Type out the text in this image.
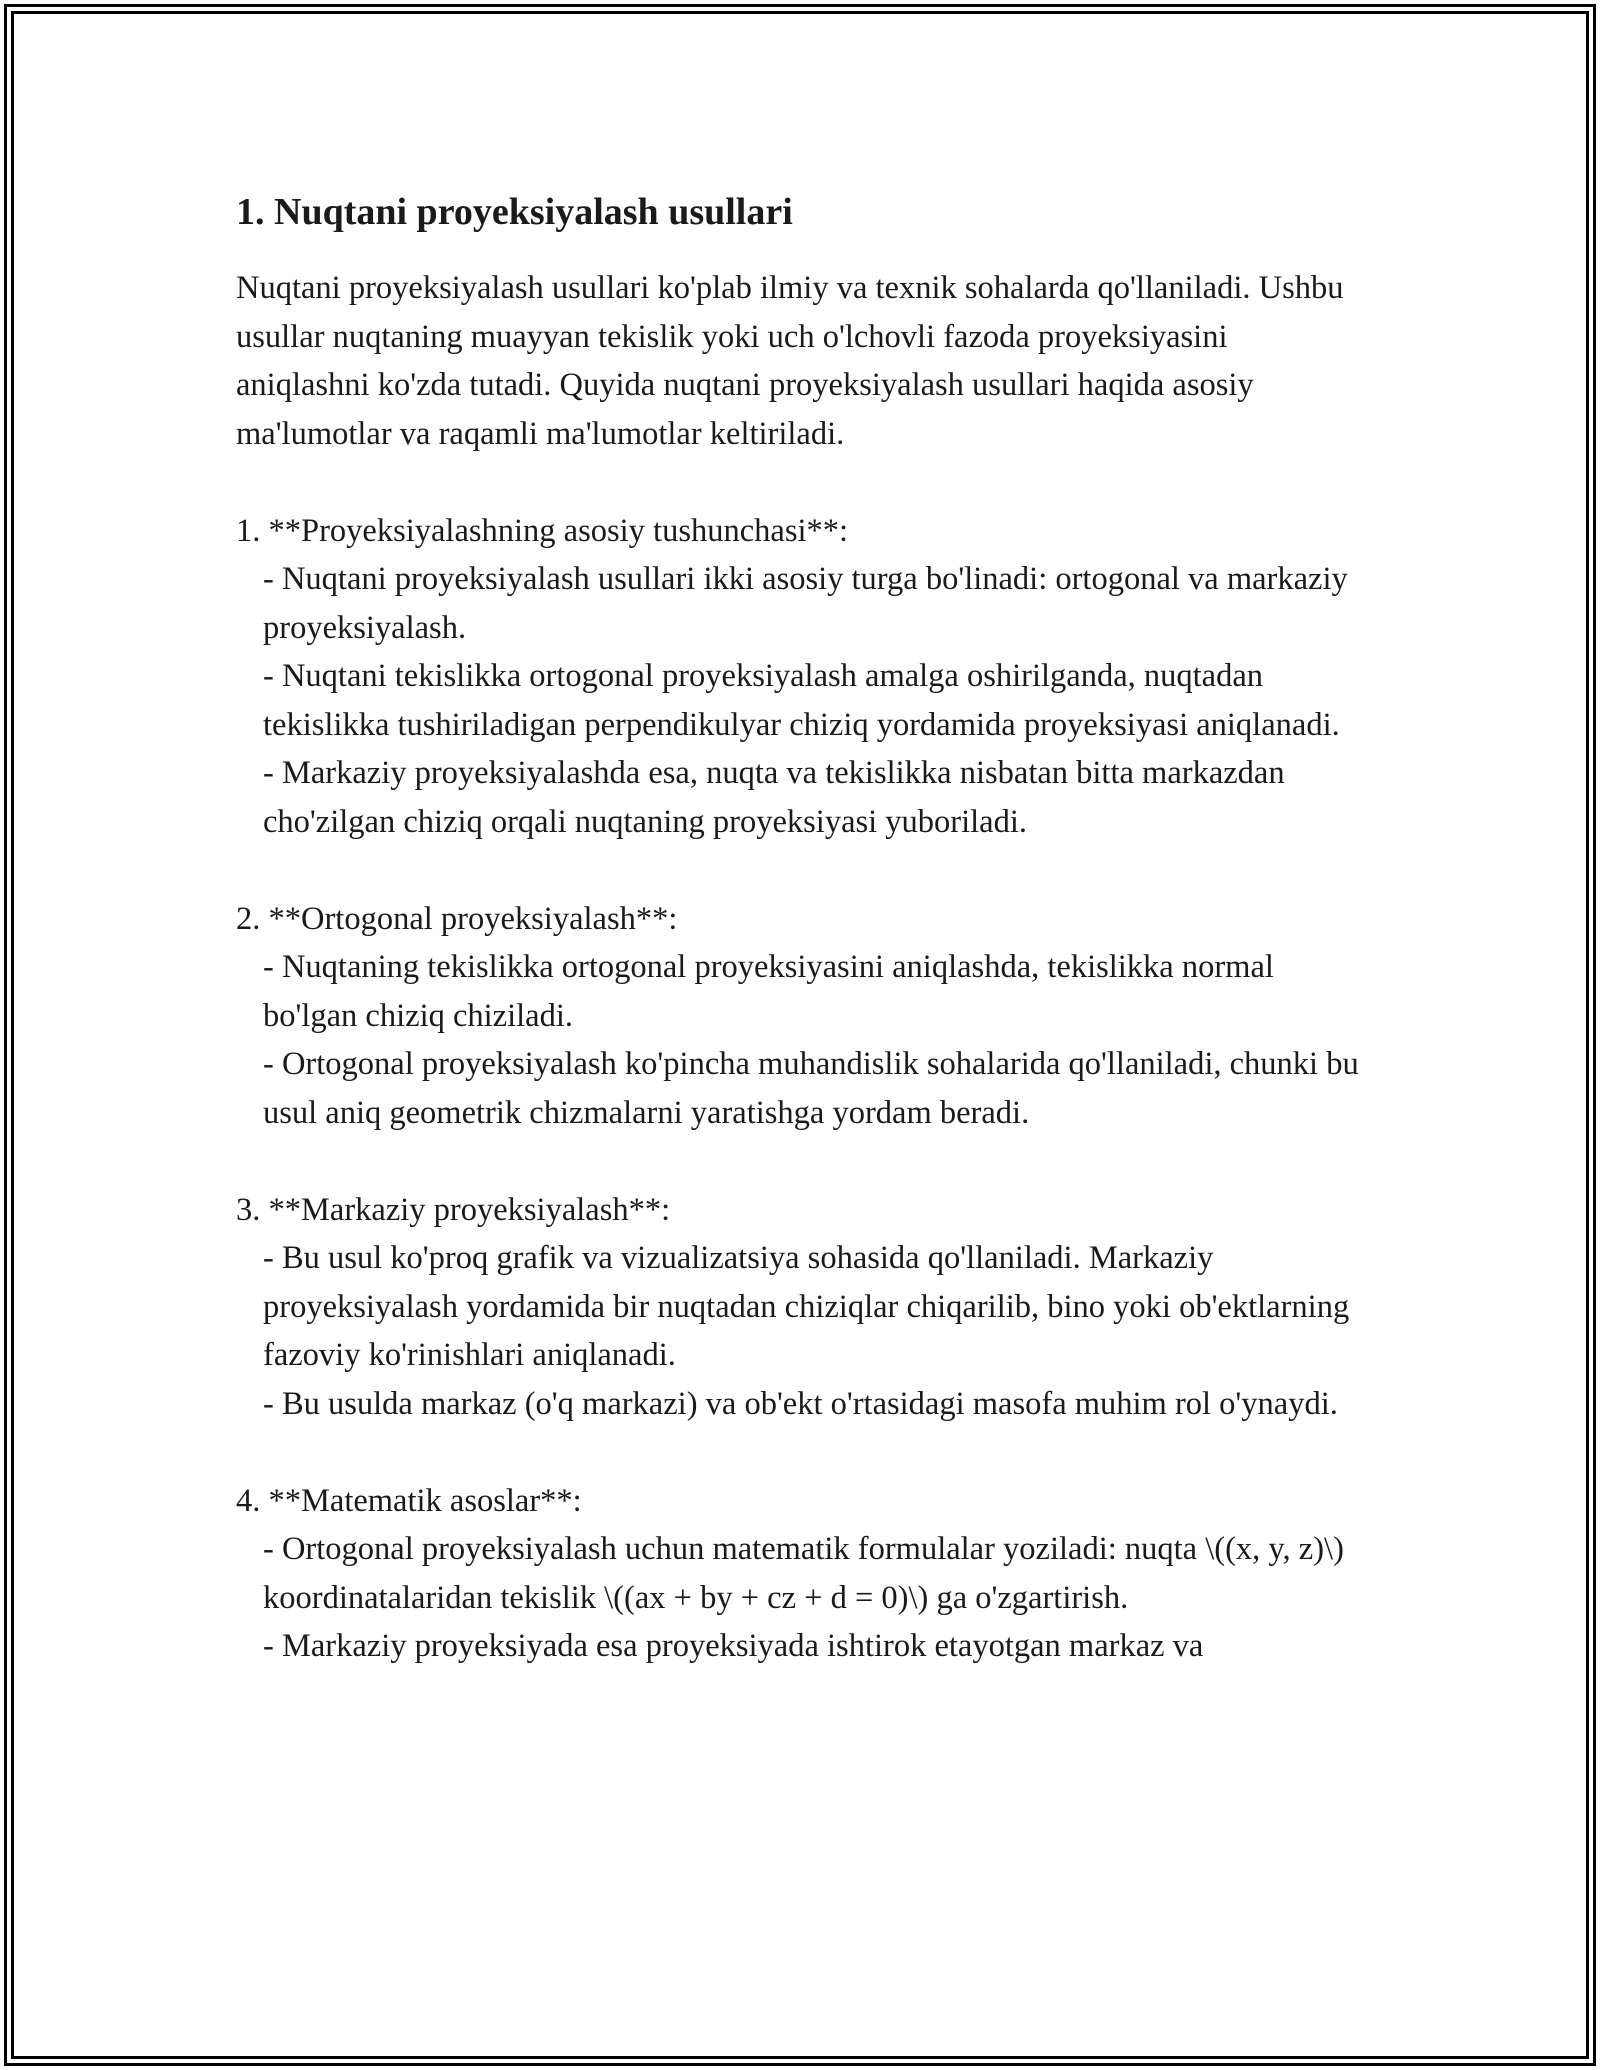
1. Nuqtani proyeksiyalash usullari

Nuqtani proyeksiyalash usullari ko'plab ilmiy va texnik sohalarda qo'llaniladi. Ushbu usullar nuqtaning muayyan tekislik yoki uch o'lchovli fazoda proyeksiyasini aniqlashni ko'zda tutadi. Quyida nuqtani proyeksiyalash usullari haqida asosiy ma'lumotlar va raqamli ma'lumotlar keltiriladi.

1. **Proyeksiyalashning asosiy tushunchasi**:
- Nuqtani proyeksiyalash usullari ikki asosiy turga bo'linadi: ortogonal va markaziy proyeksiyalash.
- Nuqtani tekislikka ortogonal proyeksiyalash amalga oshirilganda, nuqtadan tekislikka tushiriladigan perpendikulyar chiziq yordamida proyeksiyasi aniqlanadi.
- Markaziy proyeksiyalashda esa, nuqta va tekislikka nisbatan bitta markazdan cho'zilgan chiziq orqali nuqtaning proyeksiyasi yuboriladi.
2. **Ortogonal proyeksiyalash**:
- Nuqtaning tekislikka ortogonal proyeksiyasini aniqlashda, tekislikka normal bo'lgan chiziq chiziladi.
- Ortogonal proyeksiyalash ko'pincha muhandislik sohalarida qo'llaniladi, chunki bu usul aniq geometrik chizmalarni yaratishga yordam beradi.
3. **Markaziy proyeksiyalash**:
- Bu usul ko'proq grafik va vizualizatsiya sohasida qo'llaniladi. Markaziy proyeksiyalash yordamida bir nuqtadan chiziqlar chiqarilib, bino yoki ob'ektlarning fazoviy ko'rinishlari aniqlanadi.
- Bu usulda markaz (o'q markazi) va ob'ekt o'rtasidagi masofa muhim rol o'ynaydi.
4. **Matematik asoslar**:
- Ortogonal proyeksiyalash uchun matematik formulalar yoziladi: nuqta \((x, y, z)\) koordinatalaridan tekislik \((ax + by + cz + d = 0)\) ga o'zgartirish.
- Markaziy proyeksiyada esa proyeksiyada ishtirok etayotgan markaz va
